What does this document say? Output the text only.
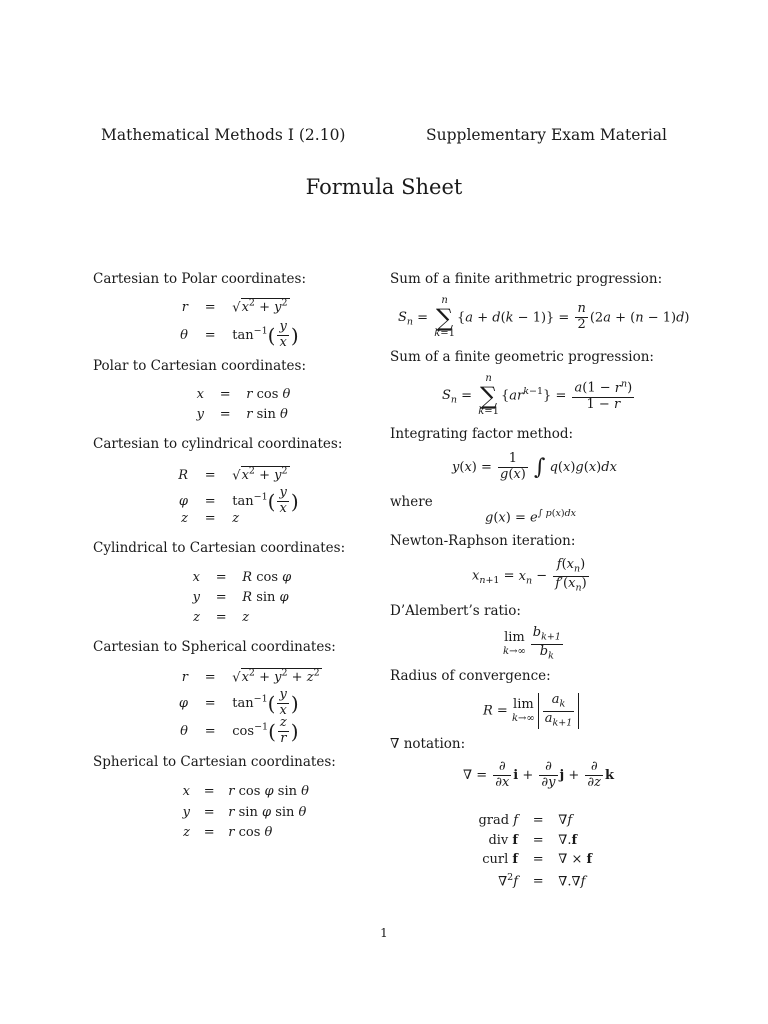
Mathematical Methods I (2.10)	Supplementary Exam Material
Formula Sheet
Cartesian to Polar coordinates:
$r = √x^2 + y^2$
$\theta = \tan^{-1}( \frac{y}{x}$ )
Polar to Cartesian coordinates:
x = r cos θ
y = r sin θ
Cartesian to cylindrical coordinates:
$R = √x^2 + y^2$
$\varphi = \tan^{-1}( \frac{y}{x}$ )
z = z
Cylindrical to Cartesian coordinates:
x = R cos φ
y = R sin φ
z = z
Cartesian to Spherical coordinates:
$r = √x^2 + y^2 + z^2$
$\varphi = \tan^{-1}( \frac{y}{x}$ )
$\theta = \cos^{-1}( \frac{z}{r}$ )
Spherical to Cartesian coordinates:
x = r cos φ sin θ
y = r sin φ sin θ
z = r cos θ
Sum of a finite arithmetric progression:
$S_n = n$
∑
$k=1\{a + d(k - 1)\} = \frac{n}{2} (2a + (n - 1)d)$
Sum of a finite geometric progression:
$S_n = n$
∑
$k=1\{ar^{k-1}\} = \frac{a(1 - r^n)}{1 - r}$
Integrating factor method:
$y(x) = \frac{1}{g(x)}$ ∫ q(x)g(x)dx
where
$g(x) = e^{\int p(x)dx}$
Newton-Raphson iteration:
$x_{n+1} = x_n - \frac{f(x_n)}{f'(x_n)}$
D’Alembert’s ratio:
lim
$k\to\infty \frac{b_{k+1}}{b_k}$
Radius of convergence:
R = lim
$k\to\infty \frac{a_k}{a_{k+1}}$
∇ notation:
∇ = $\frac{\partial}{\partial x}$ $i + \frac{\partial}{\partial y}$ $j + \frac{\partial}{\partial z}$ k
grad f = ∇f
div f = ∇.f
curl f = ∇ × f
∇$^2$f = ∇.∇f
1
